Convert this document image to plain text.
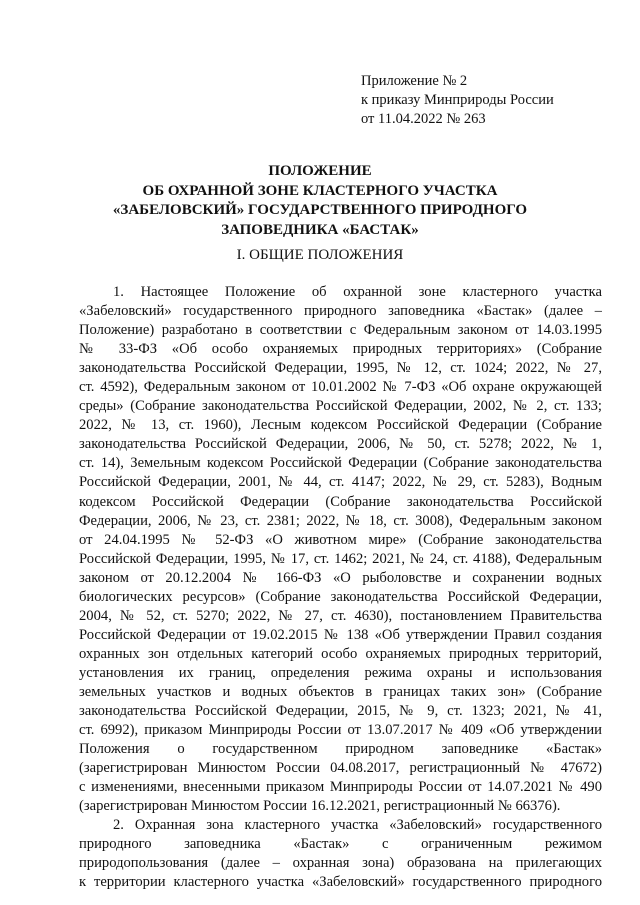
Приложение № 2
к приказу Минприроды России
от 11.04.2022 № 263
ПОЛОЖЕНИЕ
ОБ ОХРАННОЙ ЗОНЕ КЛАСТЕРНОГО УЧАСТКА
«ЗАБЕЛОВСКИЙ» ГОСУДАРСТВЕННОГО ПРИРОДНОГО
ЗАПОВЕДНИКА «БАСТАК»
I. ОБЩИЕ ПОЛОЖЕНИЯ
1. Настоящее Положение об охранной зоне кластерного участка
«Забеловский» государственного природного заповедника «Бастак» (далее –
Положение) разработано в соответствии с Федеральным законом от 14.03.1995
№ 33-ФЗ «Об особо охраняемых природных территориях» (Собрание
законодательства Российской Федерации, 1995, № 12, ст. 1024; 2022, № 27,
ст. 4592), Федеральным законом от 10.01.2002 № 7-ФЗ «Об охране окружающей
среды» (Собрание законодательства Российской Федерации, 2002, № 2, ст. 133;
2022, № 13, ст. 1960), Лесным кодексом Российской Федерации (Собрание
законодательства Российской Федерации, 2006, № 50, ст. 5278; 2022, № 1,
ст. 14), Земельным кодексом Российской Федерации (Собрание законодательства
Российской Федерации, 2001, № 44, ст. 4147; 2022, № 29, ст. 5283), Водным
кодексом Российской Федерации (Собрание законодательства Российской
Федерации, 2006, № 23, ст. 2381; 2022, № 18, ст. 3008), Федеральным законом
от 24.04.1995 № 52-ФЗ «О животном мире» (Собрание законодательства
Российской Федерации, 1995, № 17, ст. 1462; 2021, № 24, ст. 4188), Федеральным
законом от 20.12.2004 № 166-ФЗ «О рыболовстве и сохранении водных
биологических ресурсов» (Собрание законодательства Российской Федерации,
2004, № 52, ст. 5270; 2022, № 27, ст. 4630), постановлением Правительства
Российской Федерации от 19.02.2015 № 138 «Об утверждении Правил создания
охранных зон отдельных категорий особо охраняемых природных территорий,
установления их границ, определения режима охраны и использования
земельных участков и водных объектов в границах таких зон» (Собрание
законодательства Российской Федерации, 2015, № 9, ст. 1323; 2021, № 41,
ст. 6992), приказом Минприроды России от 13.07.2017 № 409 «Об утверждении
Положения о государственном природном заповеднике «Бастак»
(зарегистрирован Минюстом России 04.08.2017, регистрационный № 47672)
с изменениями, внесенными приказом Минприроды России от 14.07.2021 № 490
(зарегистрирован Минюстом России 16.12.2021, регистрационный № 66376).
2. Охранная зона кластерного участка «Забеловский» государственного
природного заповедника «Бастак» с ограниченным режимом
природопользования (далее – охранная зона) образована на прилегающих
к территории кластерного участка «Забеловский» государственного природного
